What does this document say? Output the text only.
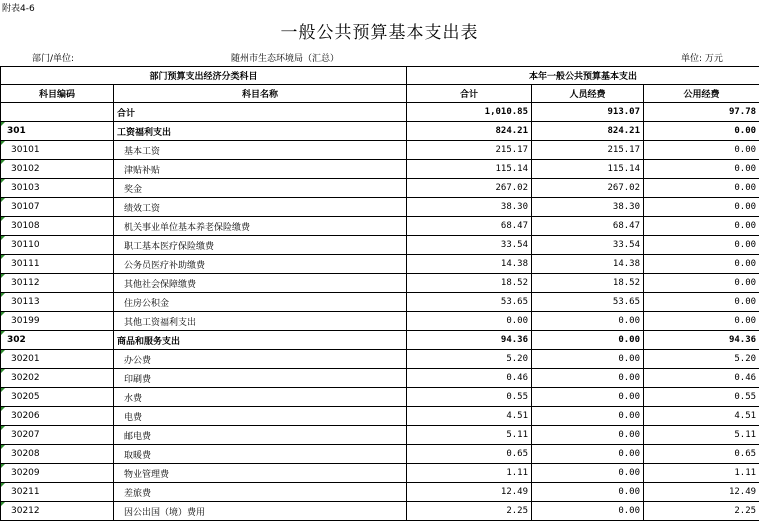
附表4-6
一般公共预算基本支出表
部门/单位:	随州市生态环境局（汇总）	单位: 万元
部门预算支出经济分类科目		本年一般公共预算基本支出		
科目编码	科目名称	合计	人员经费	公用经费
	合计	1,010.85	913.07	97.78

301	工资福利支出	824.21	824.21	0.00

30101	基本工资	215.17	215.17	0.00

30102	津贴补贴	115.14	115.14	0.00

30103	奖金	267.02	267.02	0.00

30107	绩效工资	38.30	38.30	0.00

30108	机关事业单位基本养老保险缴费	68.47	68.47	0.00

30110	职工基本医疗保险缴费	33.54	33.54	0.00

30111	公务员医疗补助缴费	14.38	14.38	0.00

30112	其他社会保障缴费	18.52	18.52	0.00

30113	住房公积金	53.65	53.65	0.00

30199	其他工资福利支出	0.00	0.00	0.00

302	商品和服务支出	94.36	0.00	94.36

30201	办公费	5.20	0.00	5.20

30202	印刷费	0.46	0.00	0.46

30205	水费	0.55	0.00	0.55

30206	电费	4.51	0.00	4.51

30207	邮电费	5.11	0.00	5.11

30208	取暖费	0.65	0.00	0.65

30209	物业管理费	1.11	0.00	1.11

30211	差旅费	12.49	0.00	12.49

30212	因公出国（境）费用	2.25	0.00	2.25
